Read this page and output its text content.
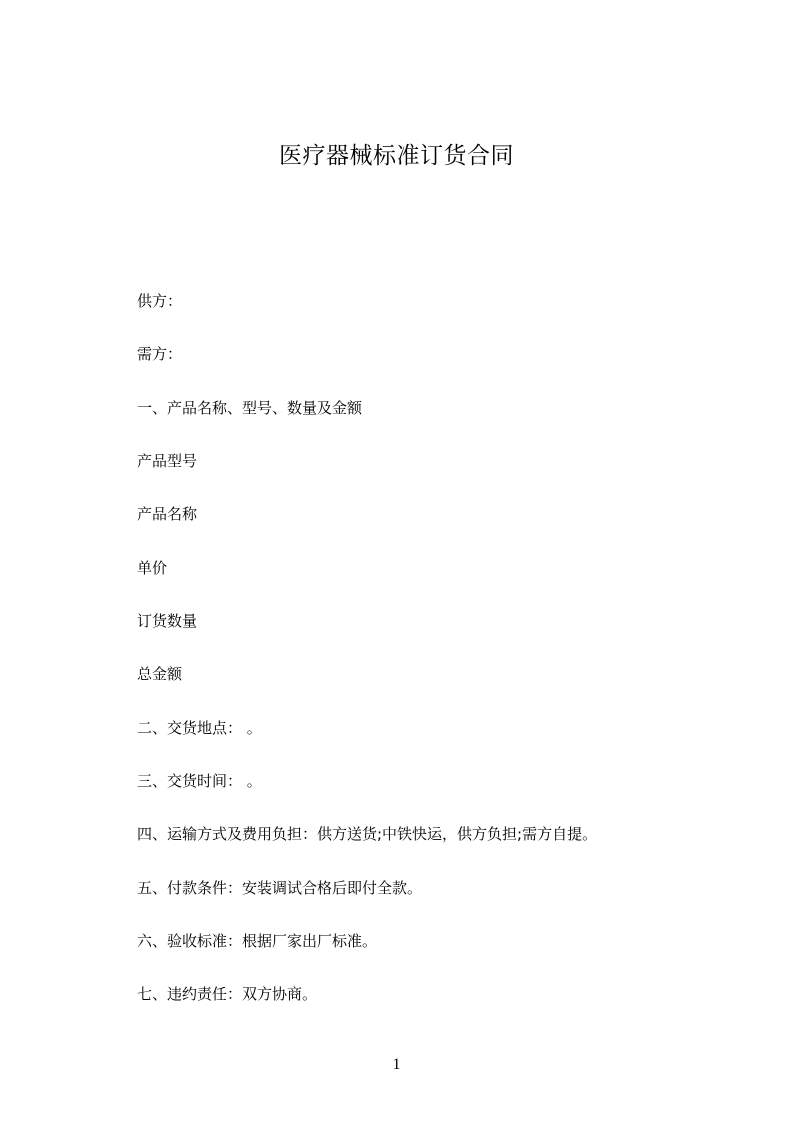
医疗器械标准订货合同
供方：
需方：
一、产品名称、型号、数量及金额
产品型号
产品名称
单价
订货数量
总金额
二、交货地点： 。
三、交货时间： 。
四、运输方式及费用负担：供方送货;中铁快运，供方负担;需方自提。
五、付款条件：安装调试合格后即付全款。
六、验收标准：根据厂家出厂标准。
七、违约责任：双方协商。
1
